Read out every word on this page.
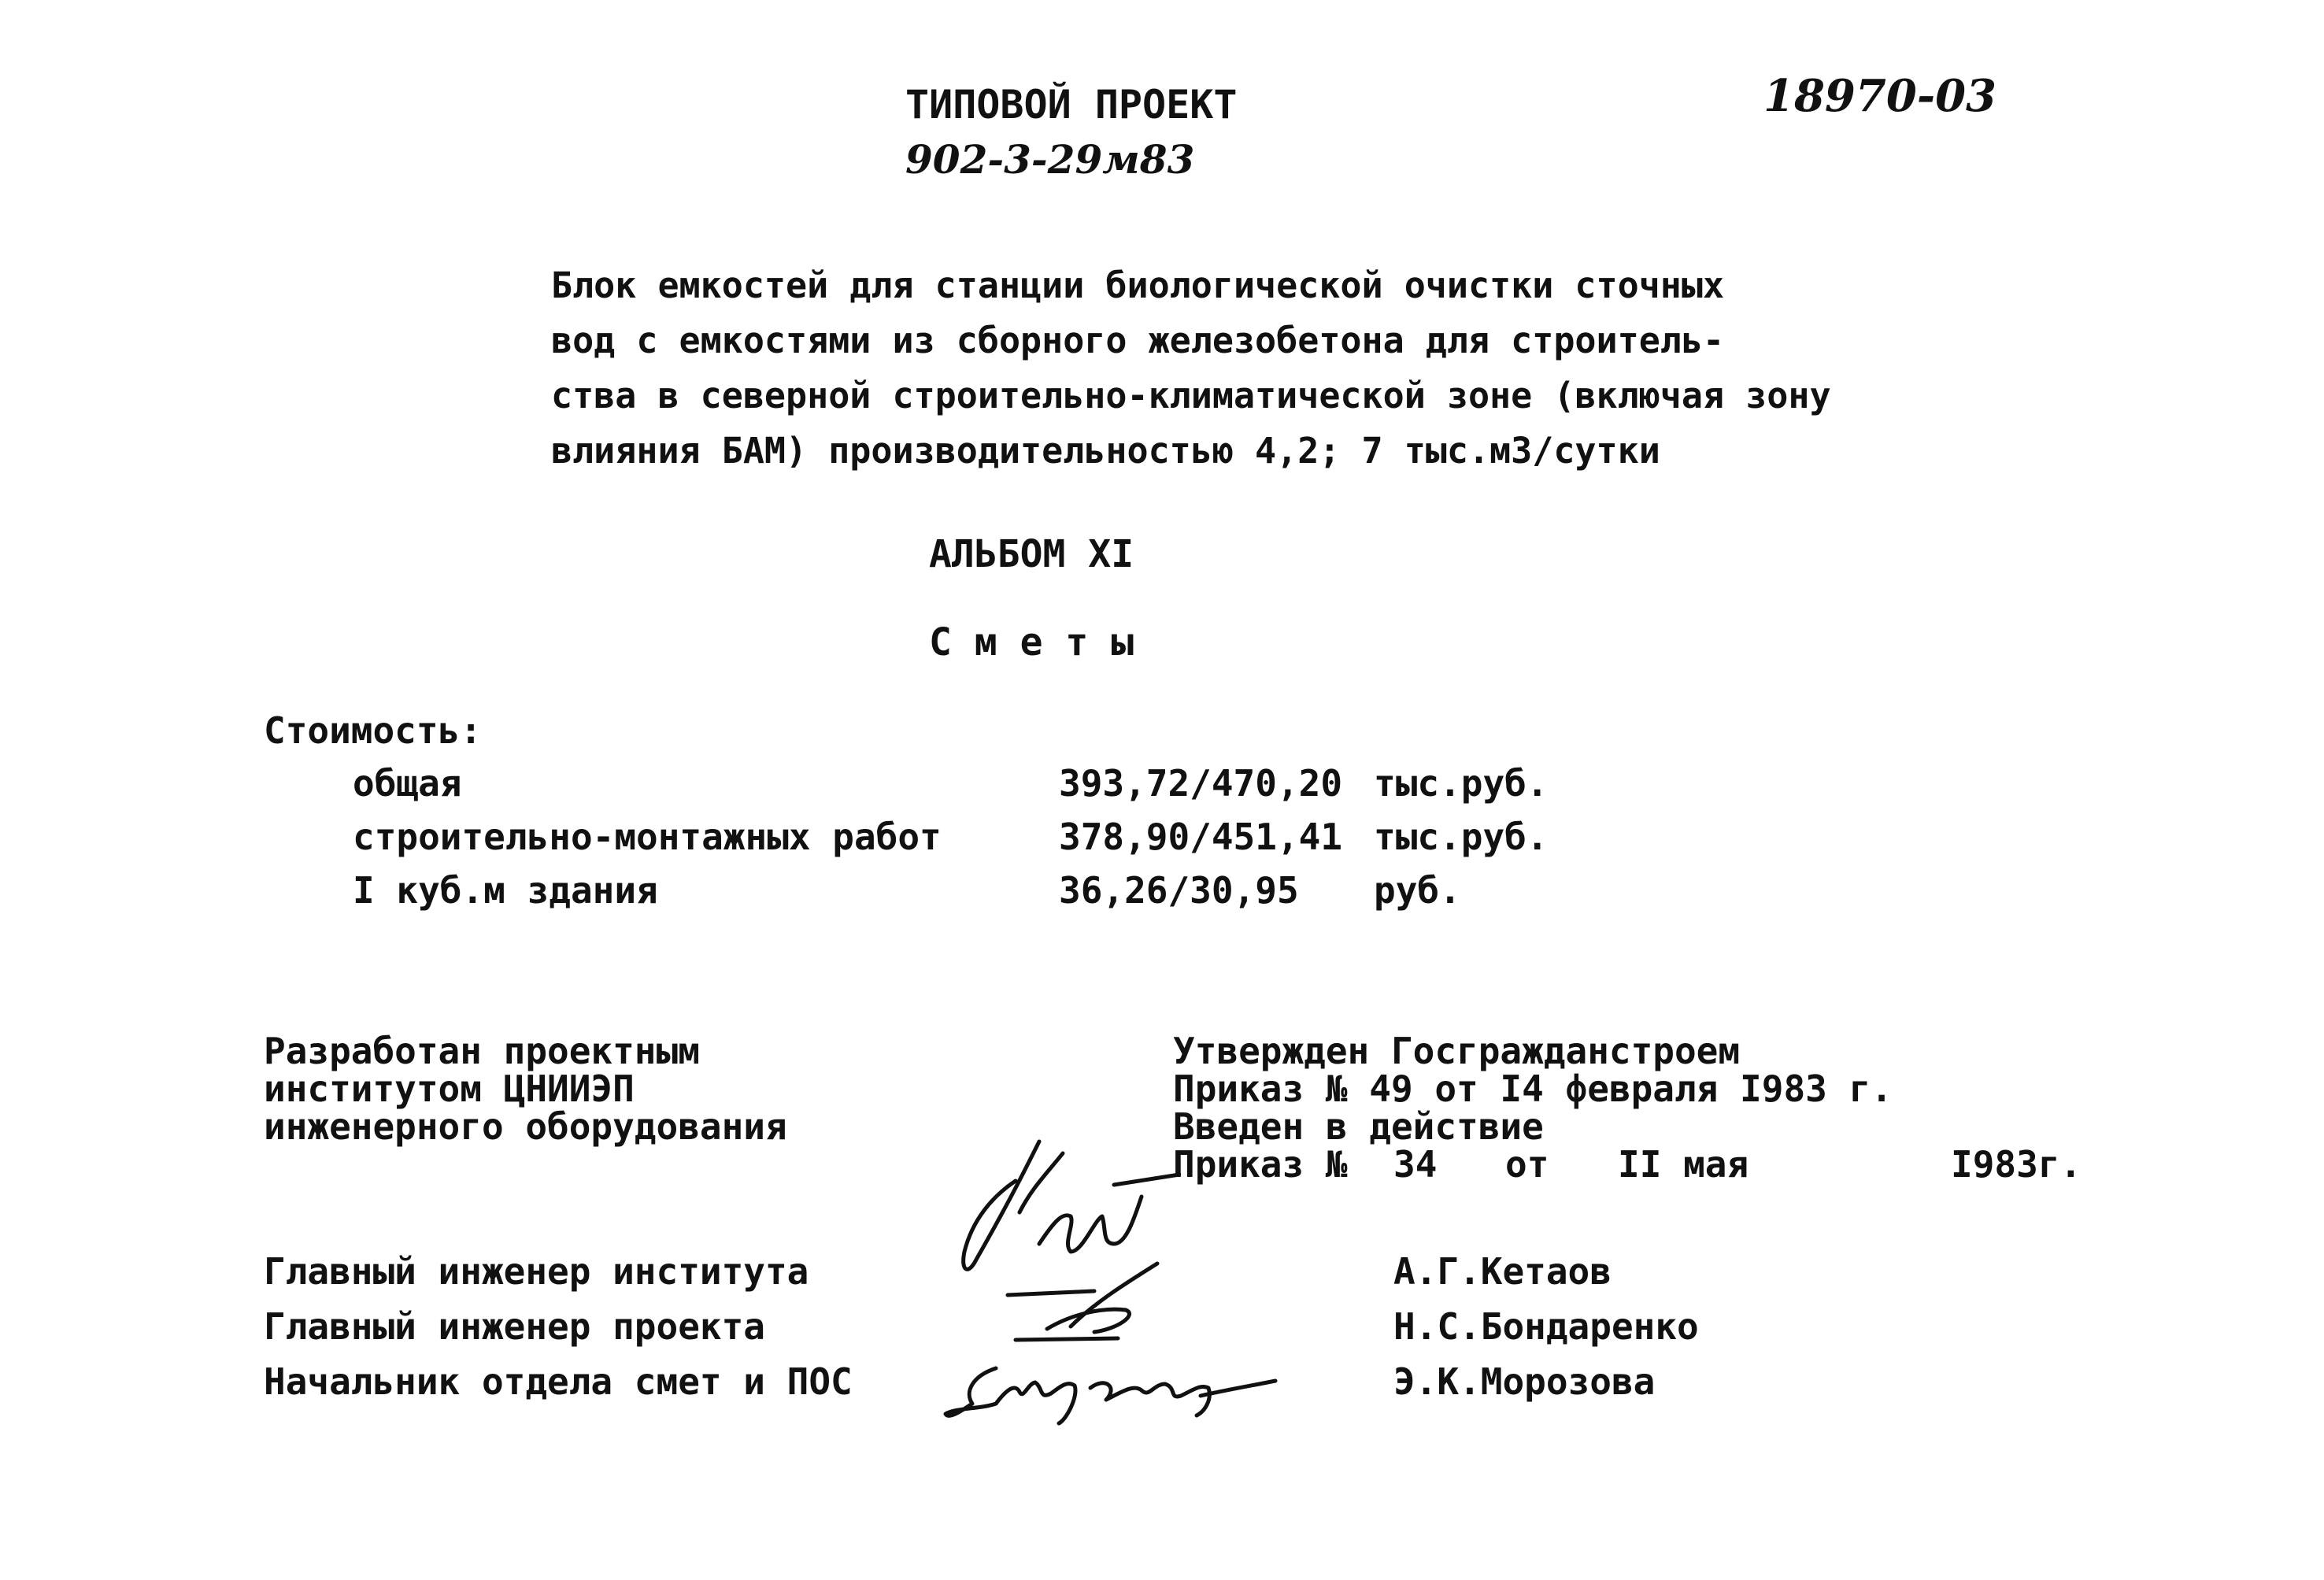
ТИПОВОЙ ПРОЕКТ
902-3-29м83
18970-03
Блок емкостей для станции биологической очистки сточных
вод с емкостями из сборного железобетона для строитель-
ства в северной строительно-климатической зоне (включая зону
влияния БАМ) производительностью 4,2; 7 тыс.м3/сутки
АЛЬБОМ XI
С м е т ы
Стоимость:
общая	393,72/470,20 тыс.руб.
строительно-монтажных работ	378,90/451,41 тыс.руб.
I куб.м здания	36,26/30,95 руб.
Разработан проектным
институтом ЦНИИЭП
инженерного оборудования
Утвержден Госгражданстроем
Приказ № 49 от I4 февраля I983 г.
Введен в действие
Приказ № 34 от II мая	I983г.
Главный инженер института	А.Г.Кетаов
Главный инженер проекта	Н.С.Бондаренко
Начальник отдела смет и ПОС	Э.К.Морозова
